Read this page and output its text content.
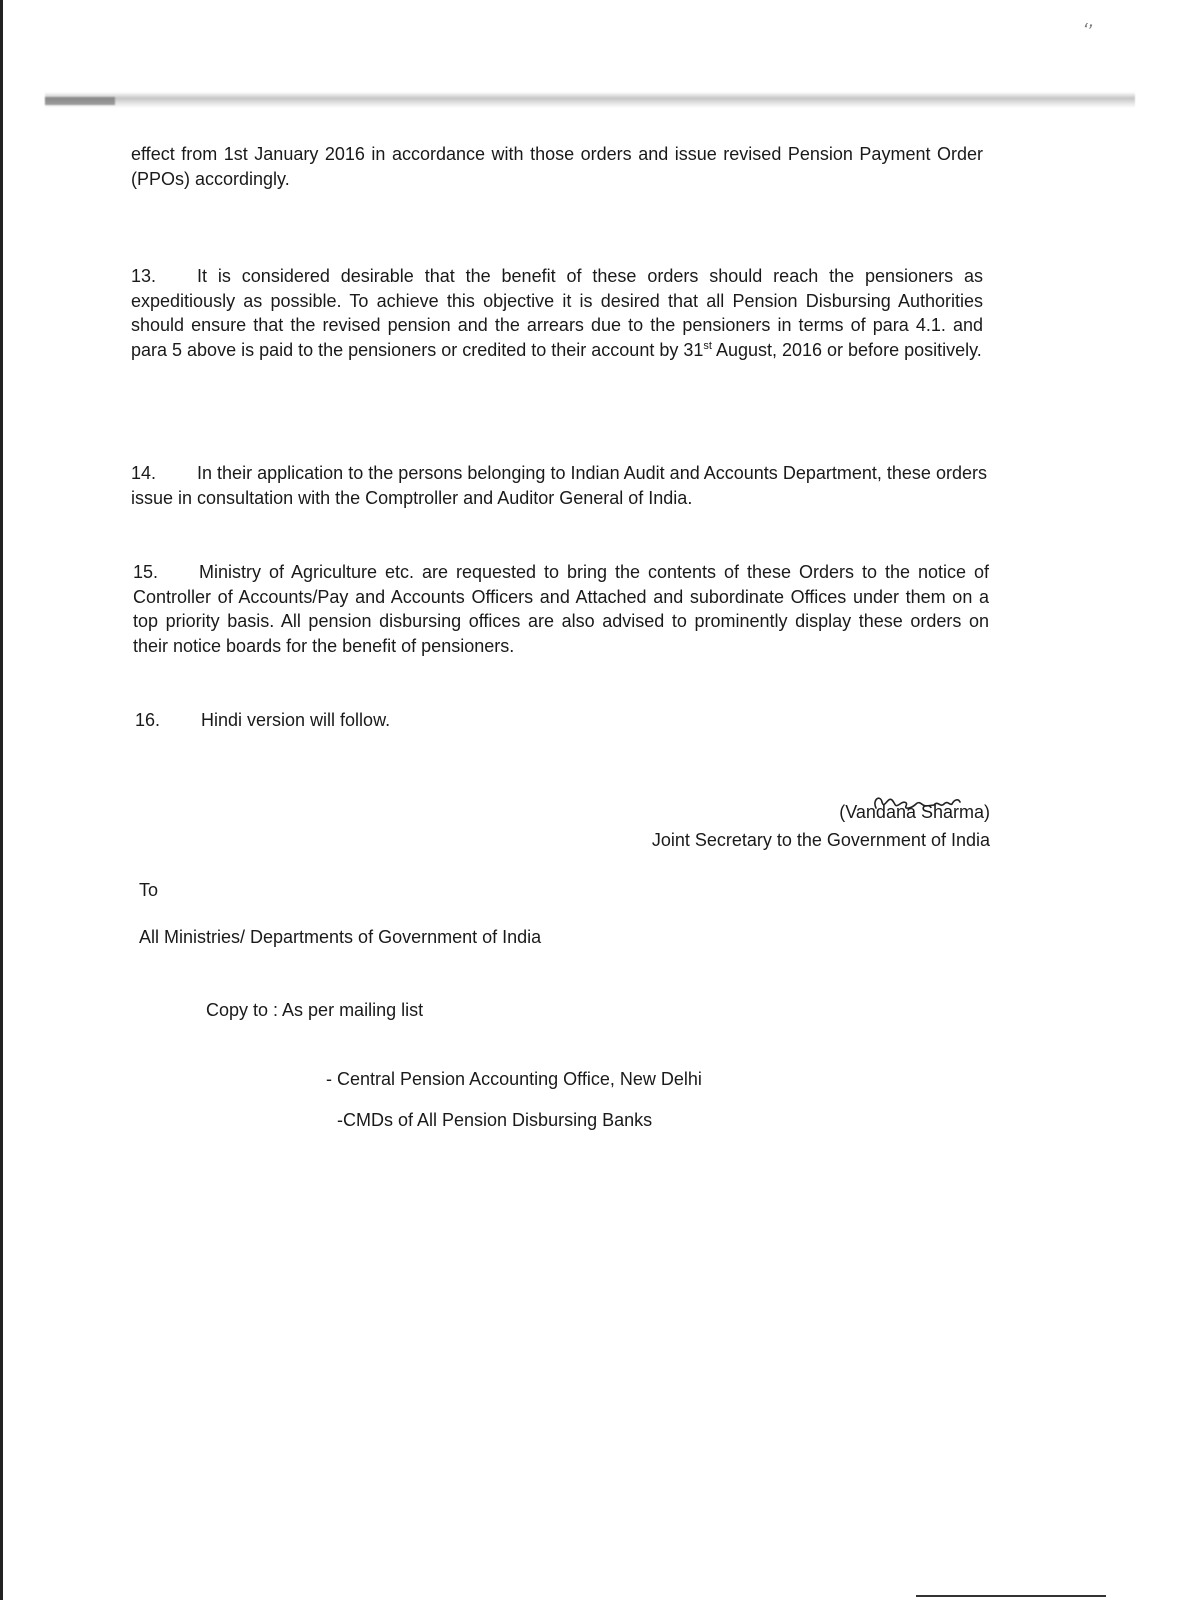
‘’

effect from 1st January 2016 in accordance with those orders and issue revised Pension Payment Order (PPOs) accordingly.

13. It is considered desirable that the benefit of these orders should reach the pensioners as expeditiously as possible. To achieve this objective it is desired that all Pension Disbursing Authorities should ensure that the revised pension and the arrears due to the pensioners in terms of para 4.1. and para 5 above is paid to the pensioners or credited to their account by 31st August, 2016 or before positively.

14. In their application to the persons belonging to Indian Audit and Accounts Department, these orders issue in consultation with the Comptroller and Auditor General of India.

15. Ministry of Agriculture etc. are requested to bring the contents of these Orders to the notice of Controller of Accounts/Pay and Accounts Officers and Attached and subordinate Offices under them on a top priority basis. All pension disbursing offices are also advised to prominently display these orders on their notice boards for the benefit of pensioners.

16. Hindi version will follow.

(Vandana Sharma)
Joint Secretary to the Government of India
To
All Ministries/ Departments of Government of India
Copy to : As per mailing list
- Central Pension Accounting Office, New Delhi
-CMDs of All Pension Disbursing Banks
